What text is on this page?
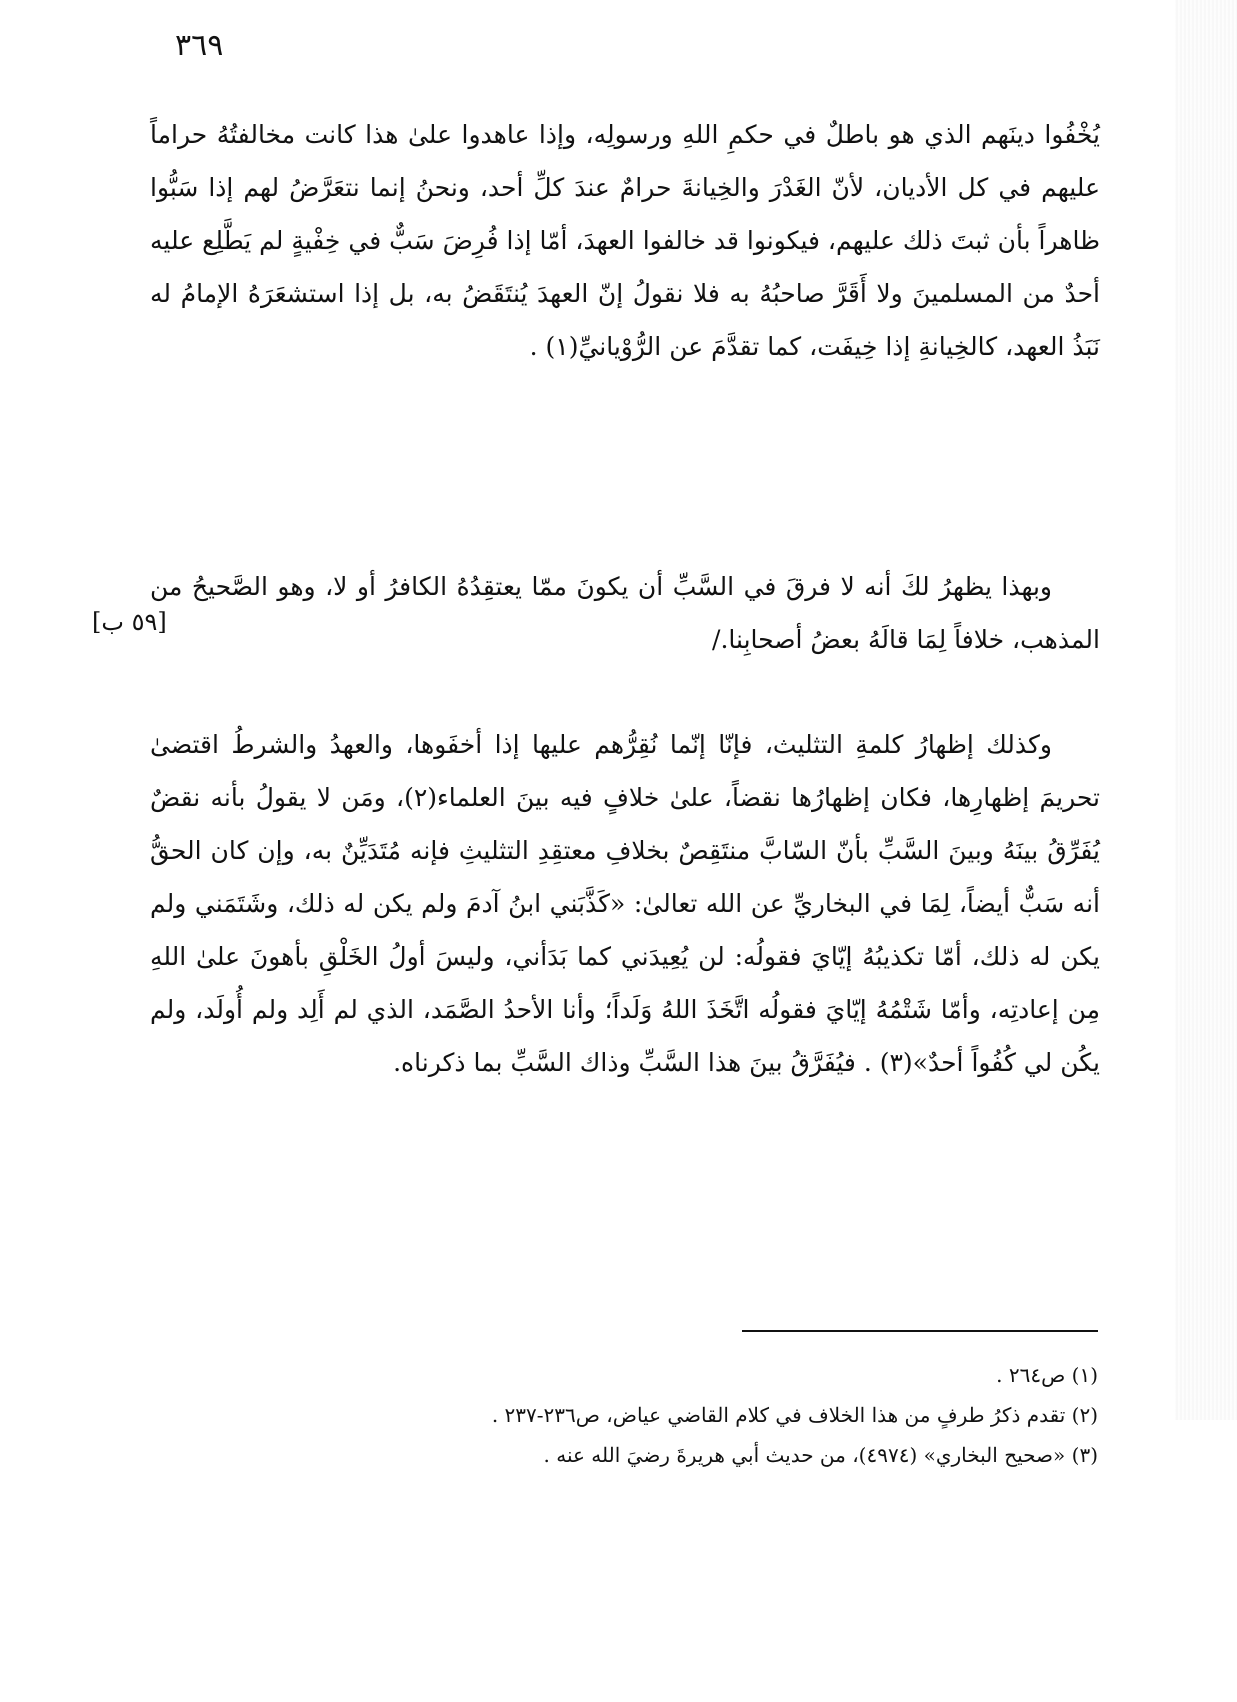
٣٦٩

يُخْفُوا دينَهم الذي هو باطلٌ في حكمِ اللهِ ورسولِه، وإذا عاهدوا علىٰ هذا كانت مخالفتُهُ حراماً عليهم في كل الأديان، لأنّ الغَدْرَ والخِيانةَ حرامٌ عندَ كلِّ أحد، ونحنُ إنما نتعَرَّضُ لهم إذا سَبُّوا ظاهراً بأن ثبتَ ذلك عليهم، فيكونوا قد خالفوا العهدَ، أمّا إذا فُرِضَ سَبٌّ في خِفْيةٍ لم يَطَّلِع عليه أحدٌ من المسلمينَ ولا أَقَرَّ صاحبُهُ به فلا نقولُ إنّ العهدَ يُنتَقَضُ به، بل إذا استشعَرَهُ الإمامُ له نَبَذُ العهد، كالخِيانةِ إذا خِيفَت، كما تقدَّمَ عن الرُّوْيانيِّ(١) .

وبهذا يظهرُ لكَ أنه لا فرقَ في السَّبِّ أن يكونَ ممّا يعتقِدُهُ الكافرُ أو لا، وهو الصَّحيحُ من المذهب، خلافاً لِمَا قالَهُ بعضُ أصحابِنا./

[٥٩ ب]

وكذلك إظهارُ كلمةِ التثليث، فإنّا إنّما نُقِرُّهم عليها إذا أخفَوها، والعهدُ والشرطُ اقتضىٰ تحريمَ إظهارِها، فكان إظهارُها نقضاً، علىٰ خلافٍ فيه بينَ العلماء(٢)، ومَن لا يقولُ بأنه نقضٌ يُفَرِّقُ بينَهُ وبينَ السَّبِّ بأنّ السّابَّ منتَقِصٌ بخلافِ معتقِدِ التثليثِ فإنه مُتَدَيِّنٌ به، وإن كان الحقُّ أنه سَبٌّ أيضاً، لِمَا في البخاريِّ عن الله تعالىٰ: «كَذَّبَني ابنُ آدمَ ولم يكن له ذلك، وشَتَمَني ولم يكن له ذلك، أمّا تكذيبُهُ إيّايَ فقولُه: لن يُعِيدَني كما بَدَأني، وليسَ أولُ الخَلْقِ بأهونَ علىٰ اللهِ مِن إعادتِه، وأمّا شَتْمُهُ إيّايَ فقولُه اتَّخَذَ اللهُ وَلَداً؛ وأنا الأحدُ الصَّمَد، الذي لم أَلِد ولم أُولَد، ولم يكُن لي كُفُواً أحدٌ»(٣) . فيُفَرَّقُ بينَ هذا السَّبِّ وذاك السَّبِّ بما ذكرناه.

(١) ص٢٦٤ .

(٢) تقدم ذكرُ طرفٍ من هذا الخلاف في كلام القاضي عياض، ص٢٣٦-٢٣٧ .

(٣) «صحيح البخاري» (٤٩٧٤)، من حديث أبي هريرةَ رضيَ الله عنه .
